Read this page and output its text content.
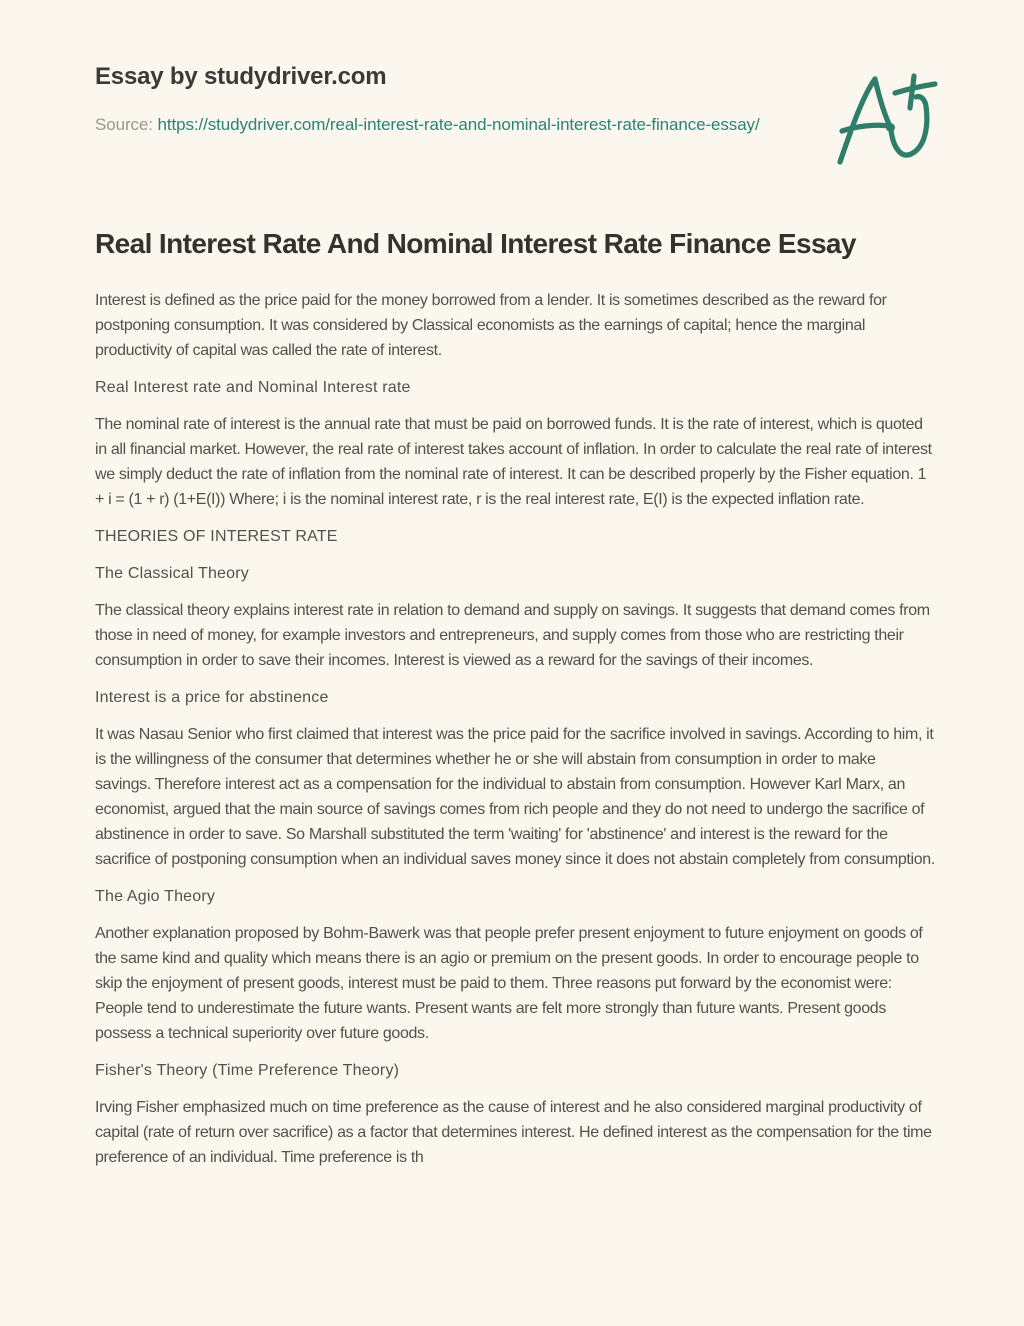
Essay by studydriver.com
Source: https://studydriver.com/real-interest-rate-and-nominal-interest-rate-finance-essay/
Real Interest Rate And Nominal Interest Rate Finance Essay

Interest is defined as the price paid for the money borrowed from a lender. It is sometimes described as the reward for postponing consumption. It was considered by Classical economists as the earnings of capital; hence the marginal productivity of capital was called the rate of interest.

Real Interest rate and Nominal Interest rate

The nominal rate of interest is the annual rate that must be paid on borrowed funds. It is the rate of interest, which is quoted in all financial market. However, the real rate of interest takes account of inflation. In order to calculate the real rate of interest we simply deduct the rate of inflation from the nominal rate of interest. It can be described properly by the Fisher equation. 1 + i = (1 + r) (1+E(I)) Where; i is the nominal interest rate, r is the real interest rate, E(I) is the expected inflation rate.

THEORIES OF INTEREST RATE

The Classical Theory

The classical theory explains interest rate in relation to demand and supply on savings. It suggests that demand comes from those in need of money, for example investors and entrepreneurs, and supply comes from those who are restricting their consumption in order to save their incomes. Interest is viewed as a reward for the savings of their incomes.

Interest is a price for abstinence

It was Nasau Senior who first claimed that interest was the price paid for the sacrifice involved in savings. According to him, it is the willingness of the consumer that determines whether he or she will abstain from consumption in order to make savings. Therefore interest act as a compensation for the individual to abstain from consumption. However Karl Marx, an economist, argued that the main source of savings comes from rich people and they do not need to undergo the sacrifice of abstinence in order to save. So Marshall substituted the term 'waiting' for 'abstinence' and interest is the reward for the sacrifice of postponing consumption when an individual saves money since it does not abstain completely from consumption.

The Agio Theory

Another explanation proposed by Bohm-Bawerk was that people prefer present enjoyment to future enjoyment on goods of the same kind and quality which means there is an agio or premium on the present goods. In order to encourage people to skip the enjoyment of present goods, interest must be paid to them. Three reasons put forward by the economist were: People tend to underestimate the future wants. Present wants are felt more strongly than future wants. Present goods possess a technical superiority over future goods.

Fisher's Theory (Time Preference Theory)

Irving Fisher emphasized much on time preference as the cause of interest and he also considered marginal productivity of capital (rate of return over sacrifice) as a factor that determines interest. He defined interest as the compensation for the time preference of an individual. Time preference is th
